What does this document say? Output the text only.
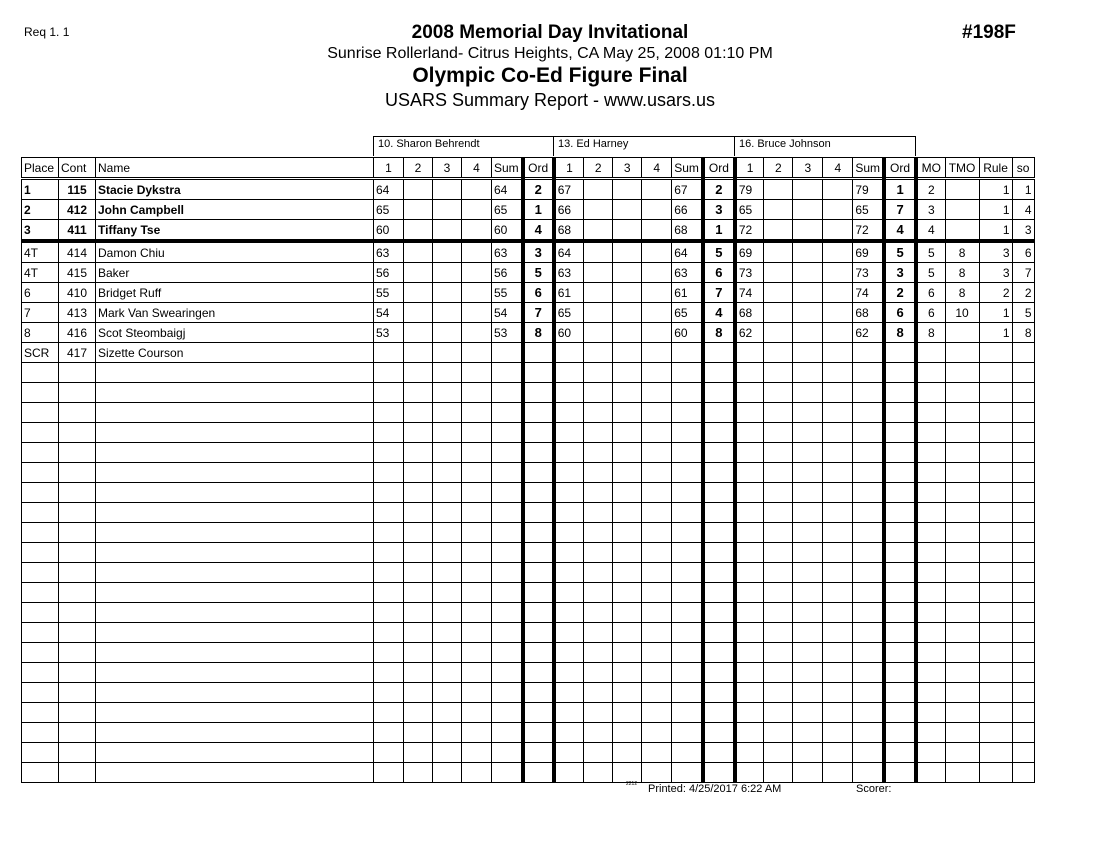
Req 1. 1	#198F
2008 Memorial Day Invitational
Sunrise Rollerland- Citrus Heights, CA May 25, 2008 01:10 PM
Olympic Co-Ed Figure Final
USARS Summary Report - www.usars.us
10. Sharon Behrendt	13. Ed Harney	16. Bruce Johnson
Place	Cont	Name	1	2	3	4	Sum	Ord	1	2	3	4	Sum	Ord	1	2	3	4	Sum	Ord	MO	TMO	Rule	so
1	115	Stacie Dykstra	64				64	2	67				67	2	79				79	1	2		1	1
2	412	John Campbell	65				65	1	66				66	3	65				65	7	3		1	4
3	411	Tiffany Tse	60				60	4	68				68	1	72				72	4	4		1	3
4T	414	Damon Chiu	63				63	3	64				64	5	69				69	5	5	8	3	6
4T	415	Baker	56				56	5	63				63	6	73				73	3	5	8	3	7
6	410	Bridget Ruff	55				55	6	61				61	7	74				74	2	6	8	2	2
7	413	Mark Van Swearingen	54				54	7	65				65	4	68				68	6	6	10	1	5
8	416	Scot Steombaigj	53				53	8	60				60	8	62				62	8	8		1	8
SCR	417	Sizette Courson																						

2212 Printed: 4/25/2017 6:22 AM	Scorer:
